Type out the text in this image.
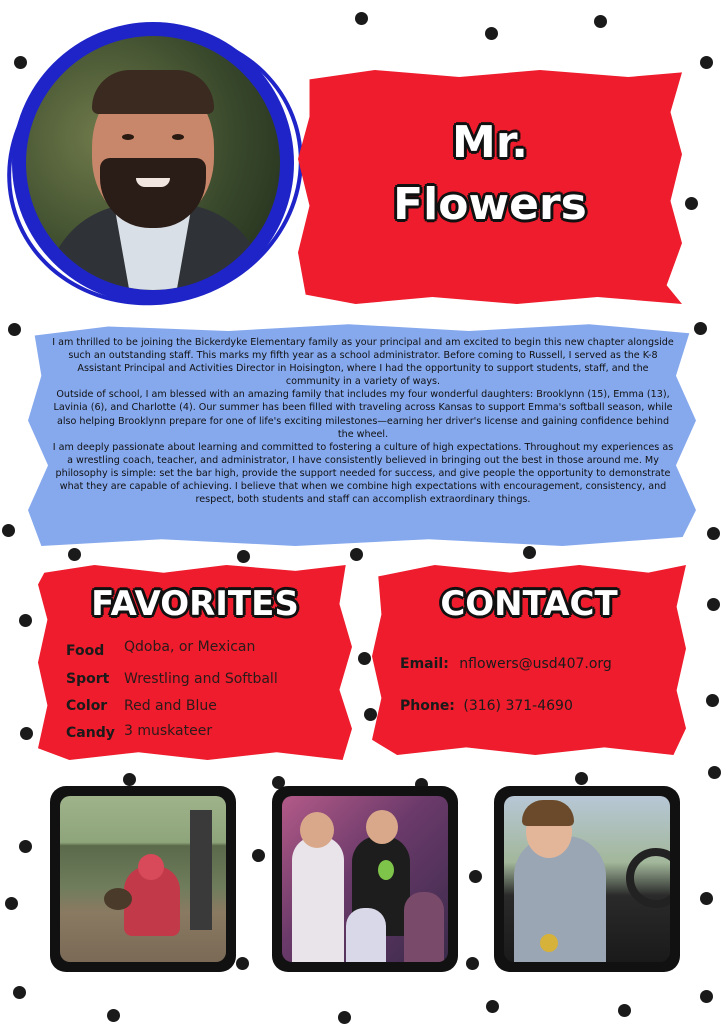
Mr.
Flowers

I am thrilled to be joining the Bickerdyke Elementary family as your principal and am excited to begin this new chapter alongside such an outstanding staff. This marks my fifth year as a school administrator. Before coming to Russell, I served as the K-8 Assistant Principal and Activities Director in Hoisington, where I had the opportunity to support students, staff, and the community in a variety of ways.

Outside of school, I am blessed with an amazing family that includes my four wonderful daughters: Brooklynn (15), Emma (13), Lavinia (6), and Charlotte (4). Our summer has been filled with traveling across Kansas to support Emma's softball season, while also helping Brooklynn prepare for one of life's exciting milestones—earning her driver's license and gaining confidence behind the wheel.

I am deeply passionate about learning and committed to fostering a culture of high expectations. Throughout my experiences as a wrestling coach, teacher, and administrator, I have consistently believed in bringing out the best in those around me. My philosophy is simple: set the bar high, provide the support needed for success, and give people the opportunity to demonstrate what they are capable of achieving. I believe that when we combine high expectations with encouragement, consistency, and respect, both students and staff can accomplish extraordinary things.

FAVORITES
Food	Qdoba, or Mexican
Sport	Wrestling and Softball
Color	Red and Blue
Candy 3 muskateer
CONTACT
Email: nflowers@usd407.org
Phone: (316) 371-4690
